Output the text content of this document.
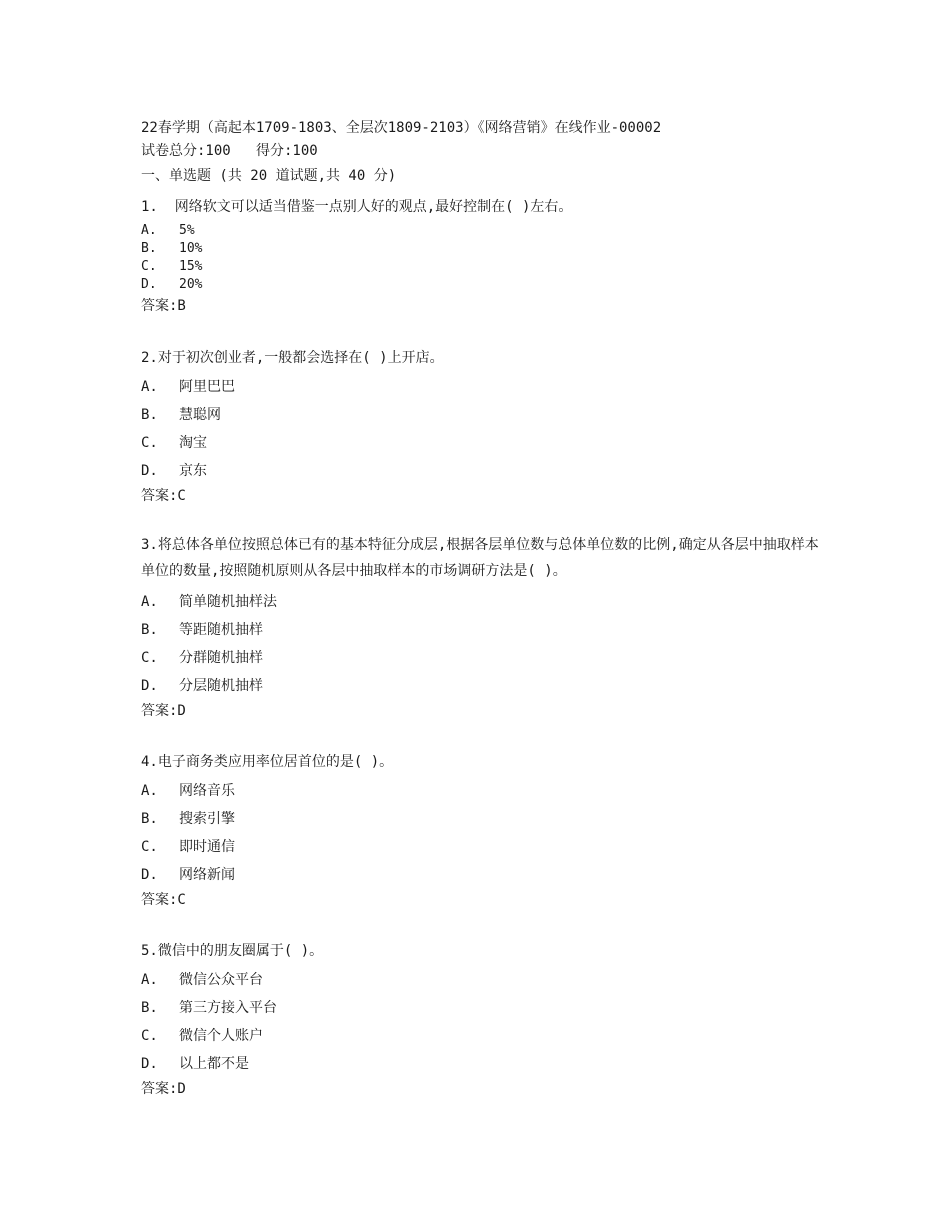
22春学期（高起本1709-1803、全层次1809-2103）《网络营销》在线作业-00002
试卷总分:100   得分:100
一、单选题 (共 20 道试题,共 40 分)
1.  网络软文可以适当借鉴一点别人好的观点,最好控制在( )左右。
A. 5%
B. 10%
C. 15%
D. 20%
答案:B
2.对于初次创业者,一般都会选择在( )上开店。
A. 阿里巴巴
B. 慧聪网
C. 淘宝
D. 京东
答案:C
3.将总体各单位按照总体已有的基本特征分成层,根据各层单位数与总体单位数的比例,确定从各层中抽取样本单位的数量,按照随机原则从各层中抽取样本的市场调研方法是( )。
A. 简单随机抽样法
B. 等距随机抽样
C. 分群随机抽样
D. 分层随机抽样
答案:D
4.电子商务类应用率位居首位的是( )。
A. 网络音乐
B. 搜索引擎
C. 即时通信
D. 网络新闻
答案:C
5.微信中的朋友圈属于( )。
A. 微信公众平台
B. 第三方接入平台
C. 微信个人账户
D. 以上都不是
答案:D
